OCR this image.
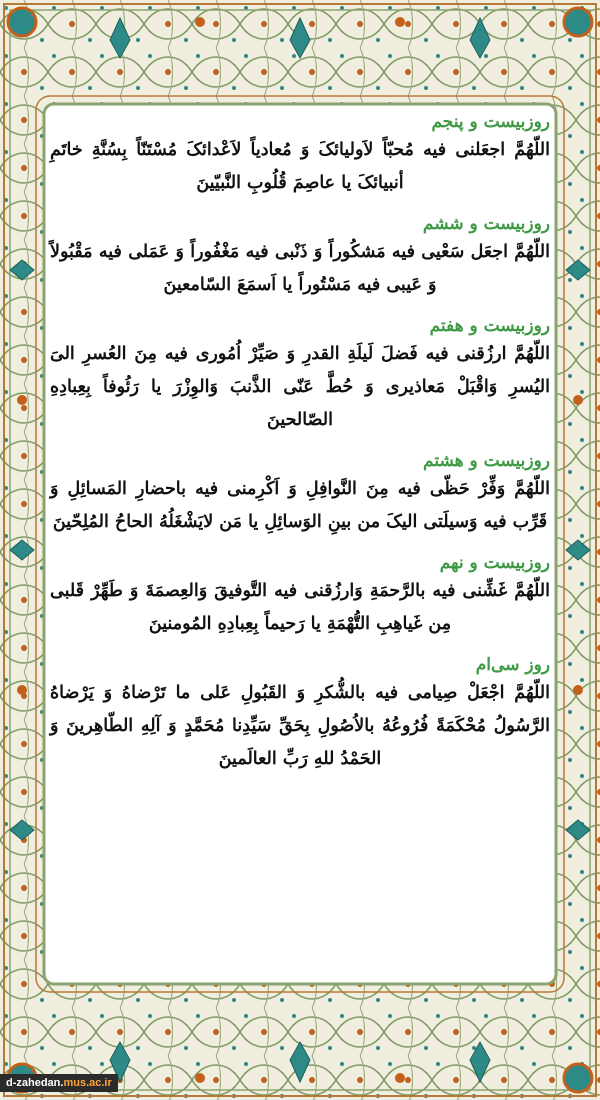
روزبیست و پنجم

اللّهُمَّ اجعَلنی فیه مُحبّاً لاَولیائکَ وَ مُعادیاً لاَعْدائکَ مُسْتَنّاً بِسُنَّةِ خاتَمِ أنبیائکَ یا عاصِمَ قُلُوبِ النَّبیّینَ

روزبیست و ششم

اللّهُمَّ اجعَل سَعْیی فیه مَشکُوراً وَ ذَنْبی فیه مَغْفُوراً وَ عَمَلی فیه مَقْبُولاً وَ عَیبی فیه مَسْتُوراً یا اَسمَعَ السّامعینَ

روزبیست و هفتم

اللّهُمَّ ارزُقنی فیه فَضلَ لَیلَةِ القدرِ وَ صَیِّرْ اُمُوری فیه مِنَ العُسرِ الیَ الیُسرِ وَاقْبَلْ مَعاذیری وَ حُطَّ عَنّی الذَّنبَ وَالوِزْرَ یا رَئُوفاً بِعِبادِهِ الصّالحینَ

روزبیست و هشتم

اللّهُمَّ وَفِّرْ حَظّی فیه مِنَ النَّوافِلِ وَ اَکْرِمنی فیه باحضارِ المَسائِلِ وَ قَرِّب فیه وَسیلَتی الیکَ من بینِ الوَسائِلِ یا مَن لایَشْغَلُهُ الحاحُ المُلِحّینَ

روزبیست و نهم

اللّهُمَّ غَشِّنی فیه بالرَّحمَةِ وَارزُقنی فیه التَّوفیقَ وَالعِصمَةَ وَ طَهِّرْ قَلبی مِن غَیاهِبِ التُّهْمَةِ یا رَحیماً بِعِبادِهِ المُومنینَ

روز سی‌ام

اللّهُمَّ اجْعَلْ صِیامی فیه بالشُّکرِ وَ القَبُولِ عَلی ما تَرْضاهُ وَ یَرْضاهُ الرَّسُولُ مُحْکَمَةً فُرُوعُهُ بالاُصُولِ بِحَقِّ سَیِّدِنا مُحَمَّدٍ وَ آلِهِ الطّاهِرینَ وَ الحَمْدُ للهِ رَبِّ العالَمینَ

d-zahedan.mus.ac.ir
